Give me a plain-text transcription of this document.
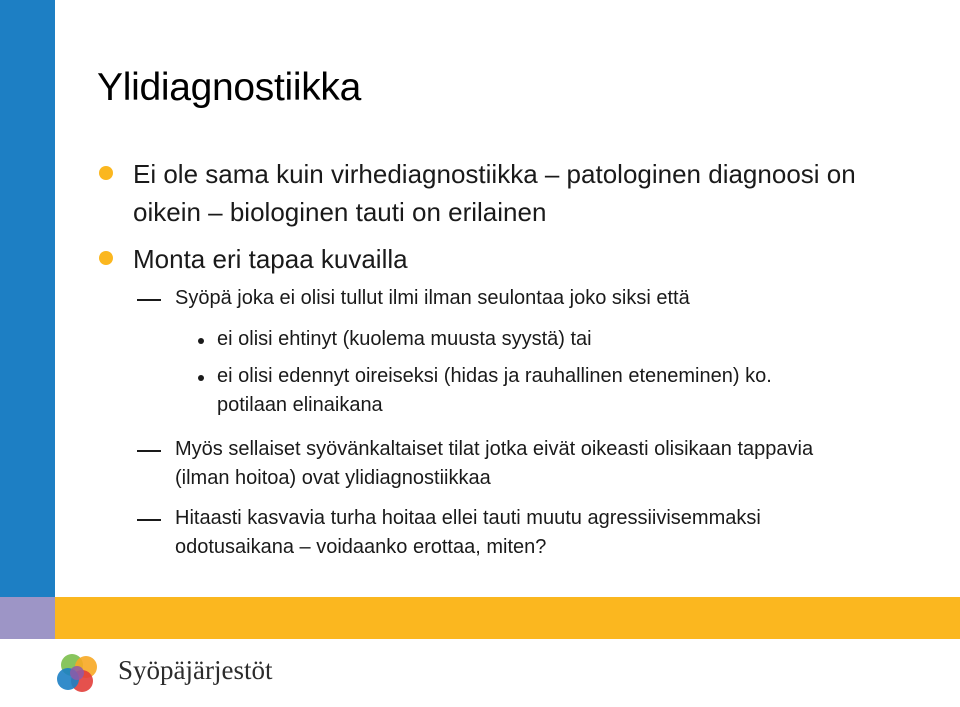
Ylidiagnostiikka
Ei ole sama kuin virhediagnostiikka – patologinen diagnoosi on oikein – biologinen tauti on erilainen
Monta eri tapaa kuvailla
Syöpä joka ei olisi tullut ilmi ilman seulontaa joko siksi että
ei olisi ehtinyt (kuolema muusta syystä) tai
ei olisi edennyt oireiseksi (hidas ja rauhallinen eteneminen) ko. potilaan elinaikana
Myös sellaiset syövänkaltaiset tilat jotka eivät oikeasti olisikaan tappavia (ilman hoitoa) ovat ylidiagnostiikkaa
Hitaasti kasvavia turha hoitaa ellei tauti muutu agressiivisemmaksi odotusaikana – voidaanko erottaa, miten?
Syöpäjärjestöt
